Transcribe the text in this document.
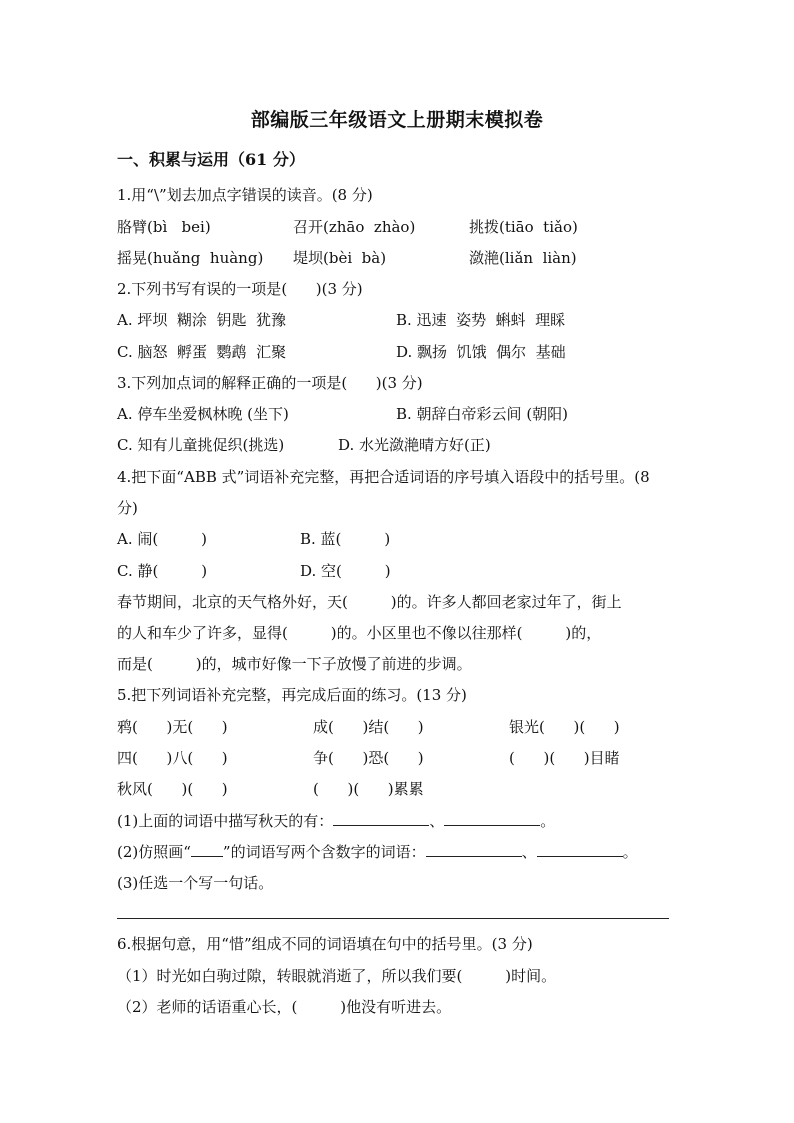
部编版三年级语文上册期末模拟卷
一、积累与运用（61 分）
1.用“\”划去加点字错误的读音。(8 分)
胳臂(bì   bei)	召开(zhāo  zhào)	挑拨(tiāo  tiǎo)
摇晃(huǎng  huàng) 堤坝(bèi  bà)	潋滟(liǎn  liàn)
2.下列书写有误的一项是(      )(3 分)
A. 坪坝  糊涂  钥匙  犹豫	B. 迅速  姿势  蝌蚪  理睬
C. 脑怒  孵蛋  鹦鹉  汇聚	D. 飘扬  饥饿  偶尔  基础
3.下列加点词的解释正确的一项是(      )(3 分)
A. 停车坐爱枫林晚 (坐下)	B. 朝辞白帝彩云间 (朝阳)
C. 知有儿童挑促织(挑选)	D. 水光潋滟晴方好(正)
4.把下面“ABB 式”词语补充完整，再把合适词语的序号填入语段中的括号里。(8
分)
A. 闹(         )	B. 蓝(         )
C. 静(         )	D. 空(         )
春节期间，北京的天气格外好，天(         )的。许多人都回老家过年了，街上
的人和车少了许多，显得(         )的。小区里也不像以往那样(         )的，
而是(         )的，城市好像一下子放慢了前进的步调。
5.把下列词语补充完整，再完成后面的练习。(13 分)
鸦(      )无(      )	成(      )结(      )	银光(      )(      )
四(      )八(      )	争(      )恐(      )	(      )(      )目睹
秋风(      )(      )	(      )(      )累累
(1)上面的词语中描写秋天的有：	、	。
(2)仿照画“ ”的词语写两个含数字的词语：	、	。
(3)任选一个写一句话。
6.根据句意，用“惜”组成不同的词语填在句中的括号里。(3 分)
（1）时光如白驹过隙，转眼就消逝了，所以我们要(         )时间。
（2）老师的话语重心长，(         )他没有听进去。
